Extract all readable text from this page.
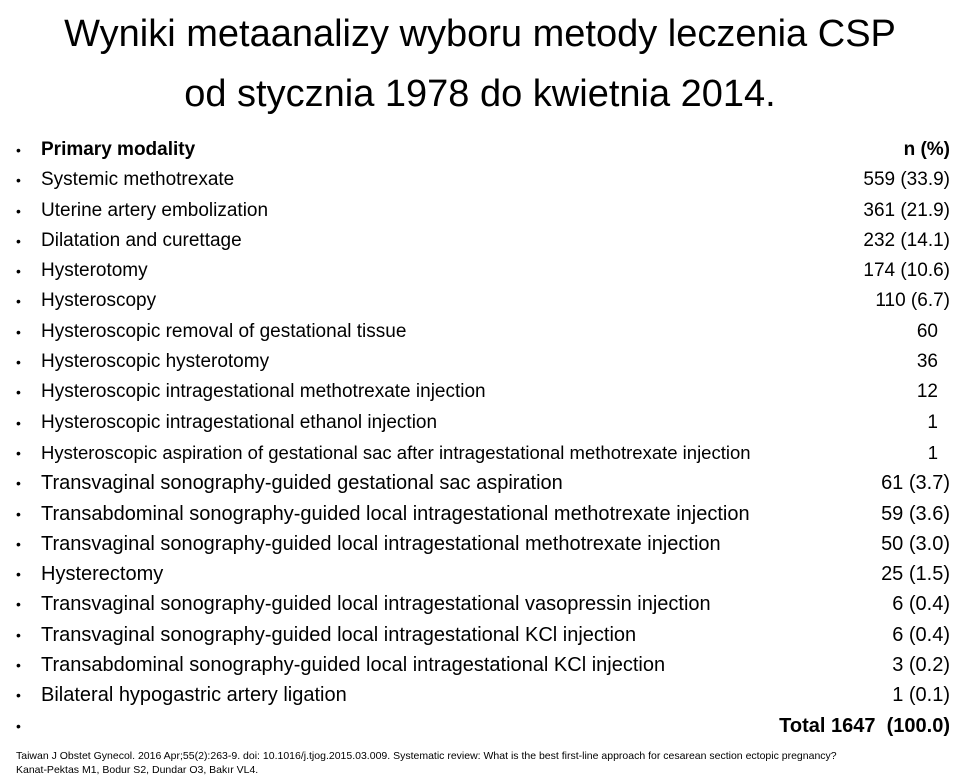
Wyniki metaanalizy wyboru metody leczenia CSP
od stycznia 1978 do kwietnia 2014.
• Primary modality	n (%)
• Systemic methotrexate	559 (33.9)
• Uterine artery embolization	361 (21.9)
• Dilatation and curettage	232 (14.1)
• Hysterotomy	174 (10.6)
• Hysteroscopy	110 (6.7)
• Hysteroscopic removal of gestational tissue	60
• Hysteroscopic hysterotomy	36
• Hysteroscopic intragestational methotrexate injection	12
• Hysteroscopic intragestational ethanol injection	1
• Hysteroscopic aspiration of gestational sac after intragestational methotrexate injection	1
• Transvaginal sonography-guided gestational sac aspiration	61 (3.7)
• Transabdominal sonography-guided local intragestational methotrexate injection	59 (3.6)
• Transvaginal sonography-guided local intragestational methotrexate injection	50 (3.0)
• Hysterectomy	25 (1.5)
• Transvaginal sonography-guided local intragestational vasopressin injection	6 (0.4)
• Transvaginal sonography-guided local intragestational KCl injection	6 (0.4)
• Transabdominal sonography-guided local intragestational KCl injection	3 (0.2)
• Bilateral hypogastric artery ligation	1 (0.1)
•	Total 1647 (100.0)
Taiwan J Obstet Gynecol. 2016 Apr;55(2):263-9. doi: 10.1016/j.tjog.2015.03.009. Systematic review: What is the best first-line approach for cesarean section ectopic pregnancy?
Kanat-Pektas M1, Bodur S2, Dundar O3, Bakır VL4.
